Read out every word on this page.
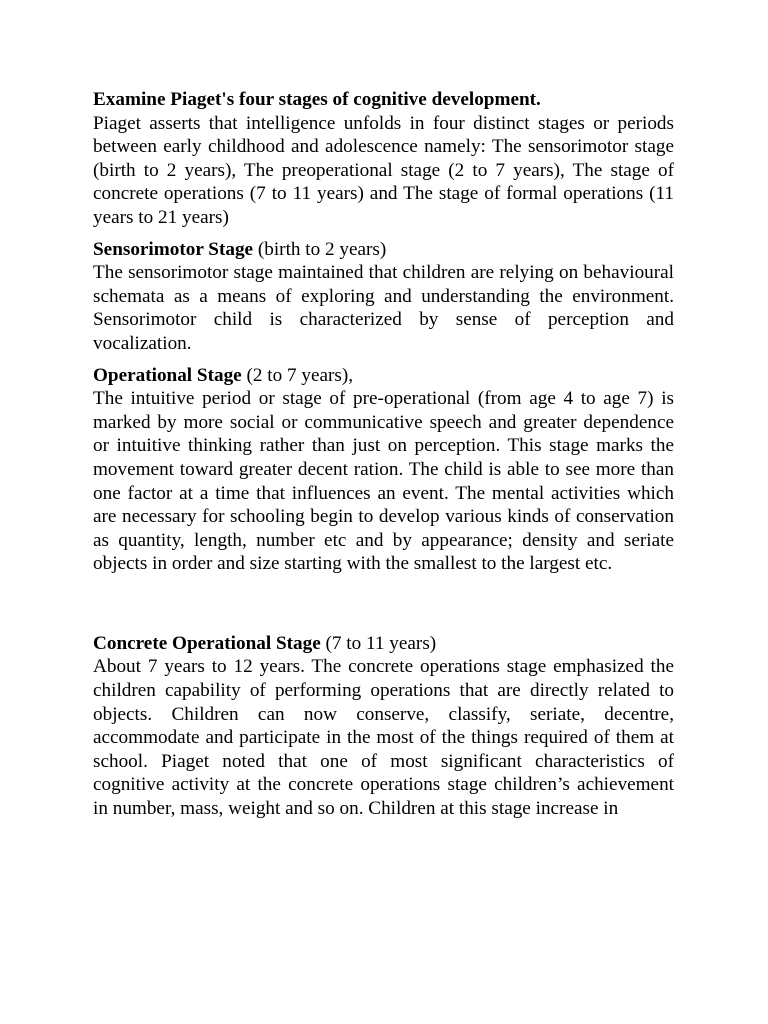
Examine Piaget's four stages of cognitive development.

Piaget asserts that intelligence unfolds in four distinct stages or periods between early childhood and adolescence namely: The sensorimotor stage (birth to 2 years), The preoperational stage (2 to 7 years), The stage of concrete operations (7 to 11 years) and The stage of formal operations (11 years to 21 years)

Sensorimotor Stage (birth to 2 years)

The sensorimotor stage maintained that children are relying on behavioural schemata as a means of exploring and understanding the environment. Sensorimotor child is characterized by sense of perception and vocalization.

Operational Stage (2 to 7 years),

The intuitive period or stage of pre-operational (from age 4 to age 7) is marked by more social or communicative speech and greater dependence or intuitive thinking rather than just on perception. This stage marks the movement toward greater decent ration. The child is able to see more than one factor at a time that influences an event. The mental activities which are necessary for schooling begin to develop various kinds of conservation as quantity, length, number etc and by appearance; density and seriate objects in order and size starting with the smallest to the largest etc.

Concrete Operational Stage (7 to 11 years)

About 7 years to 12 years. The concrete operations stage emphasized the children capability of performing operations that are directly related to objects. Children can now conserve, classify, seriate, decentre, accommodate and participate in the most of the things required of them at school. Piaget noted that one of most significant characteristics of cognitive activity at the concrete operations stage children’s achievement in number, mass, weight and so on. Children at this stage increase in
